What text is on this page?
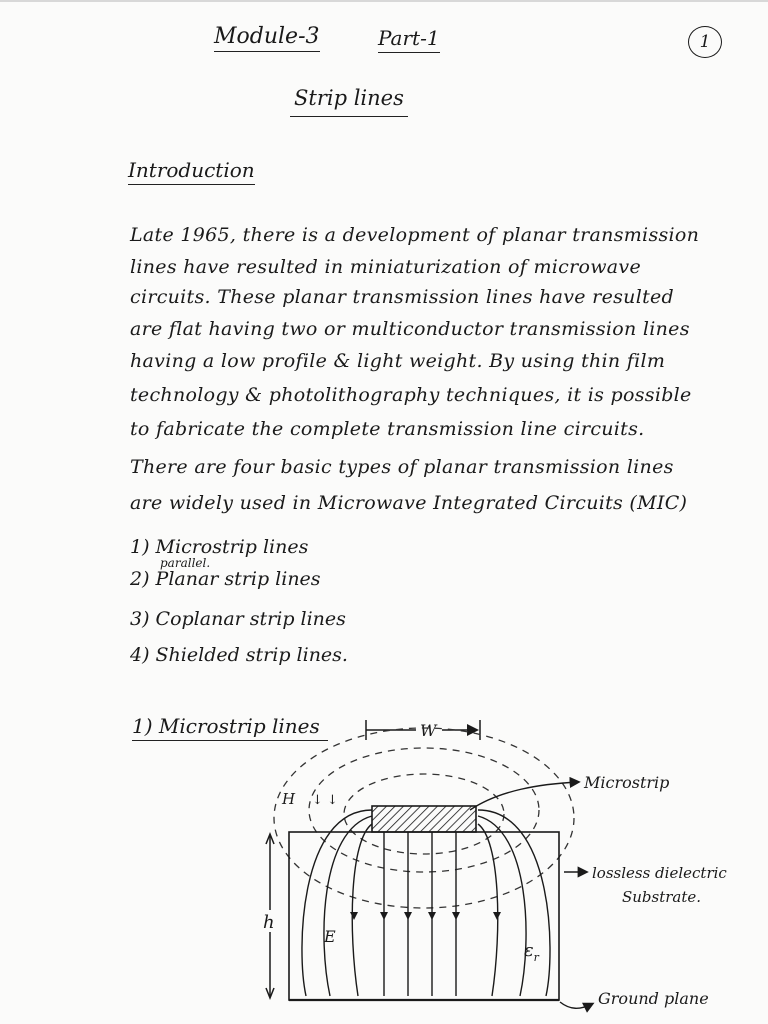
Module-3	Part-1	1
Strip lines
Introduction
Late 1965, there is a development of planar transmission
lines have resulted in miniaturization of microwave
circuits. These planar transmission lines have resulted
are flat having two or multiconductor transmission lines
having a low profile & light weight. By using thin film
technology & photolithography techniques, it is possible
to fabricate the complete transmission line circuits.
There are four basic types of planar transmission lines
are widely used in Microwave Integrated Circuits (MIC)
1) Microstrip lines
parallel.
2) Planar strip lines
3) Coplanar strip lines
4) Shielded strip lines.
1) Microstrip lines	W
H ↓ ↓
h
E
$\varepsilon_r$
Microstrip
lossless dielectric
Substrate.
Ground plane
